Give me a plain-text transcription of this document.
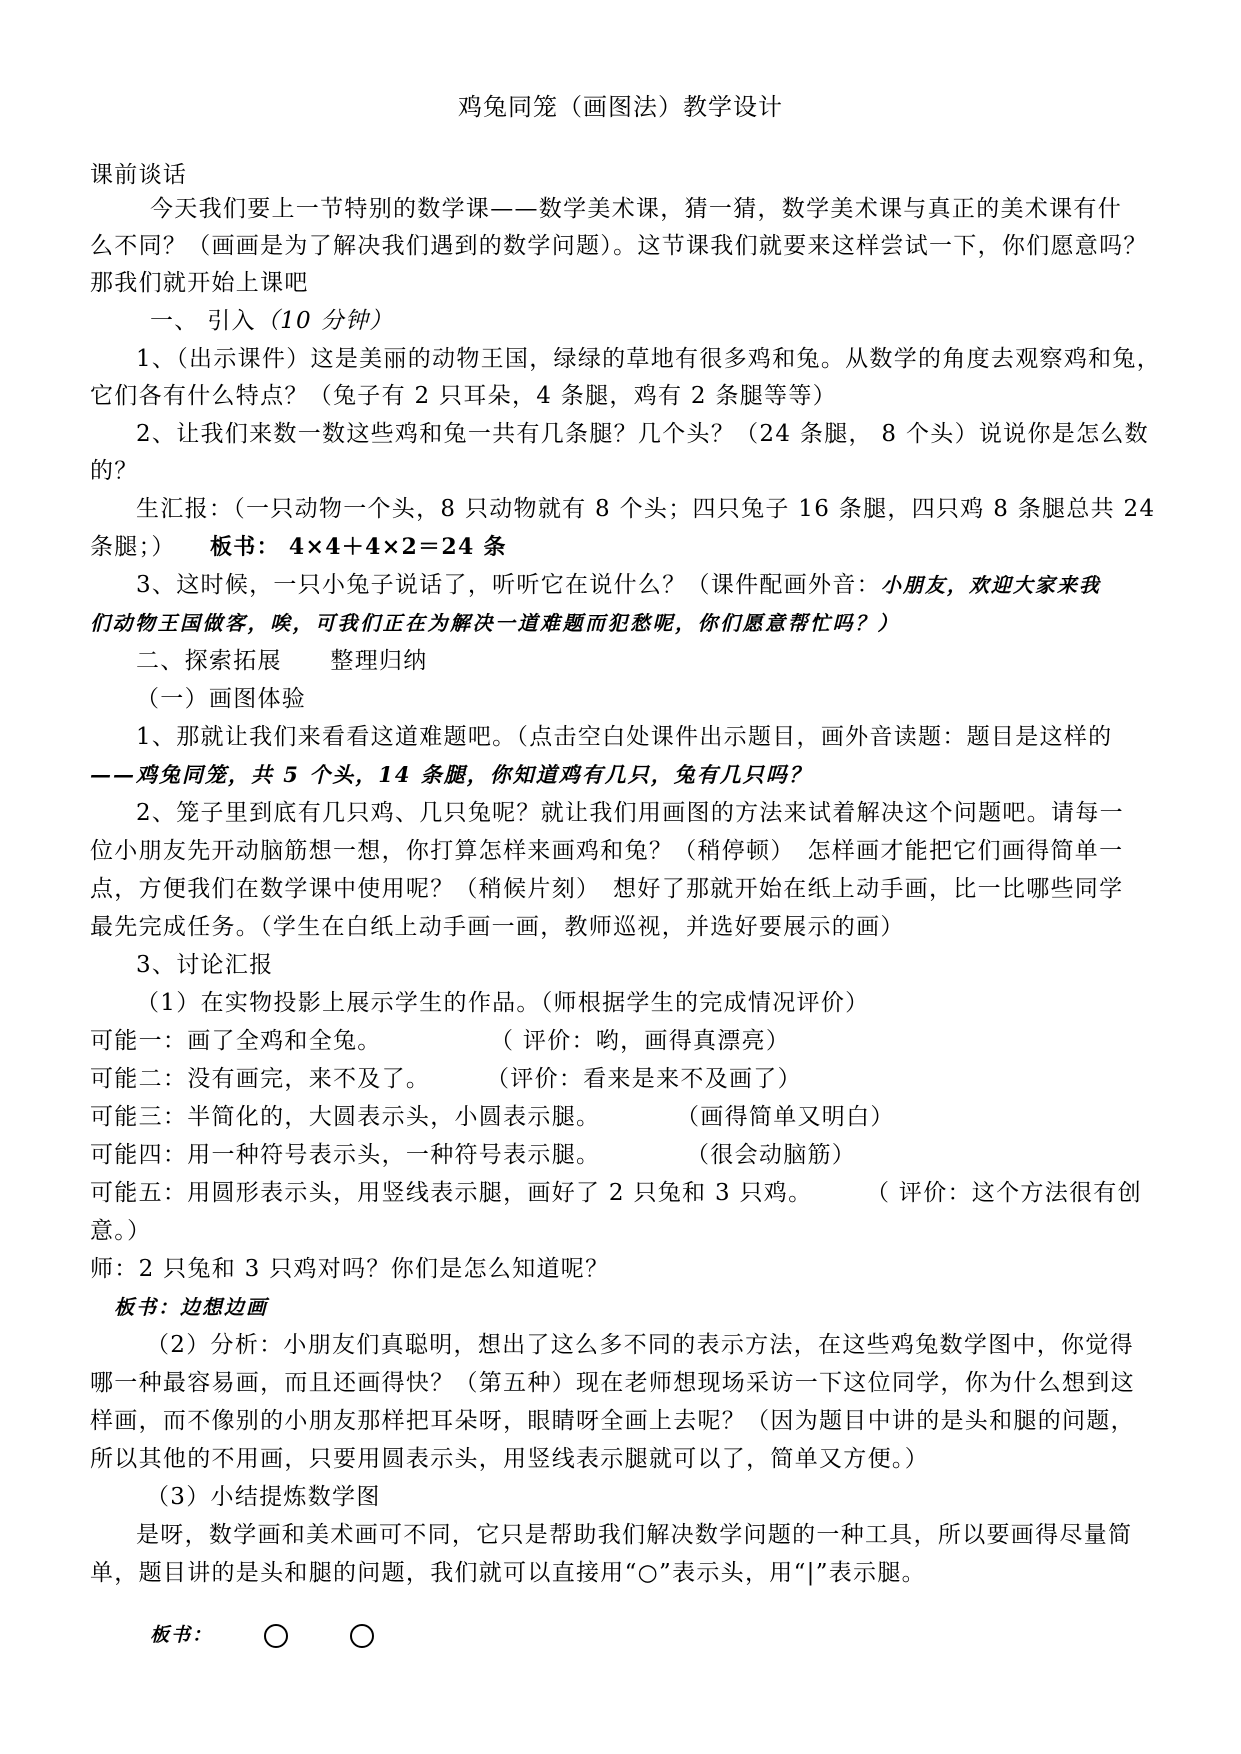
鸡兔同笼（画图法）教学设计
课前谈话
今天我们要上一节特别的数学课——数学美术课，猜一猜，数学美术课与真正的美术课有什
么不同？（画画是为了解决我们遇到的数学问题）。这节课我们就要来这样尝试一下，你们愿意吗？
那我们就开始上课吧
一、 引入（10 分钟）
1、（出示课件）这是美丽的动物王国，绿绿的草地有很多鸡和兔。从数学的角度去观察鸡和兔，
它们各有什么特点？（兔子有 2 只耳朵，4 条腿，鸡有 2 条腿等等）
2、让我们来数一数这些鸡和兔一共有几条腿？几个头？（24 条腿， 8 个头）说说你是怎么数
的？
生汇报：（一只动物一个头，8 只动物就有 8 个头；四只兔子 16 条腿，四只鸡 8 条腿总共 24
条腿；） 板书： 4×4＋4×2＝24 条
3、这时候，一只小兔子说话了，听听它在说什么？（课件配画外音：小朋友，欢迎大家来我
们动物王国做客，唉，可我们正在为解决一道难题而犯愁呢，你们愿意帮忙吗？）
二、探索拓展　　整理归纳
（一）画图体验
1、那就让我们来看看这道难题吧。（点击空白处课件出示题目，画外音读题：题目是这样的
——鸡兔同笼，共 5 个头，14 条腿，你知道鸡有几只，兔有几只吗？
2、笼子里到底有几只鸡、几只兔呢？就让我们用画图的方法来试着解决这个问题吧。请每一
位小朋友先开动脑筋想一想，你打算怎样来画鸡和兔？（稍停顿）　怎样画才能把它们画得简单一
点，方便我们在数学课中使用呢？（稍候片刻）　想好了那就开始在纸上动手画，比一比哪些同学
最先完成任务。（学生在白纸上动手画一画，教师巡视，并选好要展示的画）
3、讨论汇报
（1）在实物投影上展示学生的作品。（师根据学生的完成情况评价）
可能一：画了全鸡和全兔。	（ 评价：哟，画得真漂亮）
可能二：没有画完，来不及了。 （评价：看来是来不及画了）
可能三：半简化的，大圆表示头，小圆表示腿。	（画得简单又明白）
可能四：用一种符号表示头，一种符号表示腿。	（很会动脑筋）
可能五：用圆形表示头，用竖线表示腿，画好了 2 只兔和 3 只鸡。 （ 评价：这个方法很有创
意。）
师：2 只兔和 3 只鸡对吗？你们是怎么知道呢？
板书：边想边画
（2）分析：小朋友们真聪明，想出了这么多不同的表示方法，在这些鸡兔数学图中，你觉得
哪一种最容易画，而且还画得快？（第五种）现在老师想现场采访一下这位同学，你为什么想到这
样画，而不像别的小朋友那样把耳朵呀，眼睛呀全画上去呢？（因为题目中讲的是头和腿的问题，
所以其他的不用画，只要用圆表示头，用竖线表示腿就可以了，简单又方便。）
（3）小结提炼数学图
是呀，数学画和美术画可不同，它只是帮助我们解决数学问题的一种工具，所以要画得尽量简
单，题目讲的是头和腿的问题，我们就可以直接用“○”表示头，用“|”表示腿。
板书：
